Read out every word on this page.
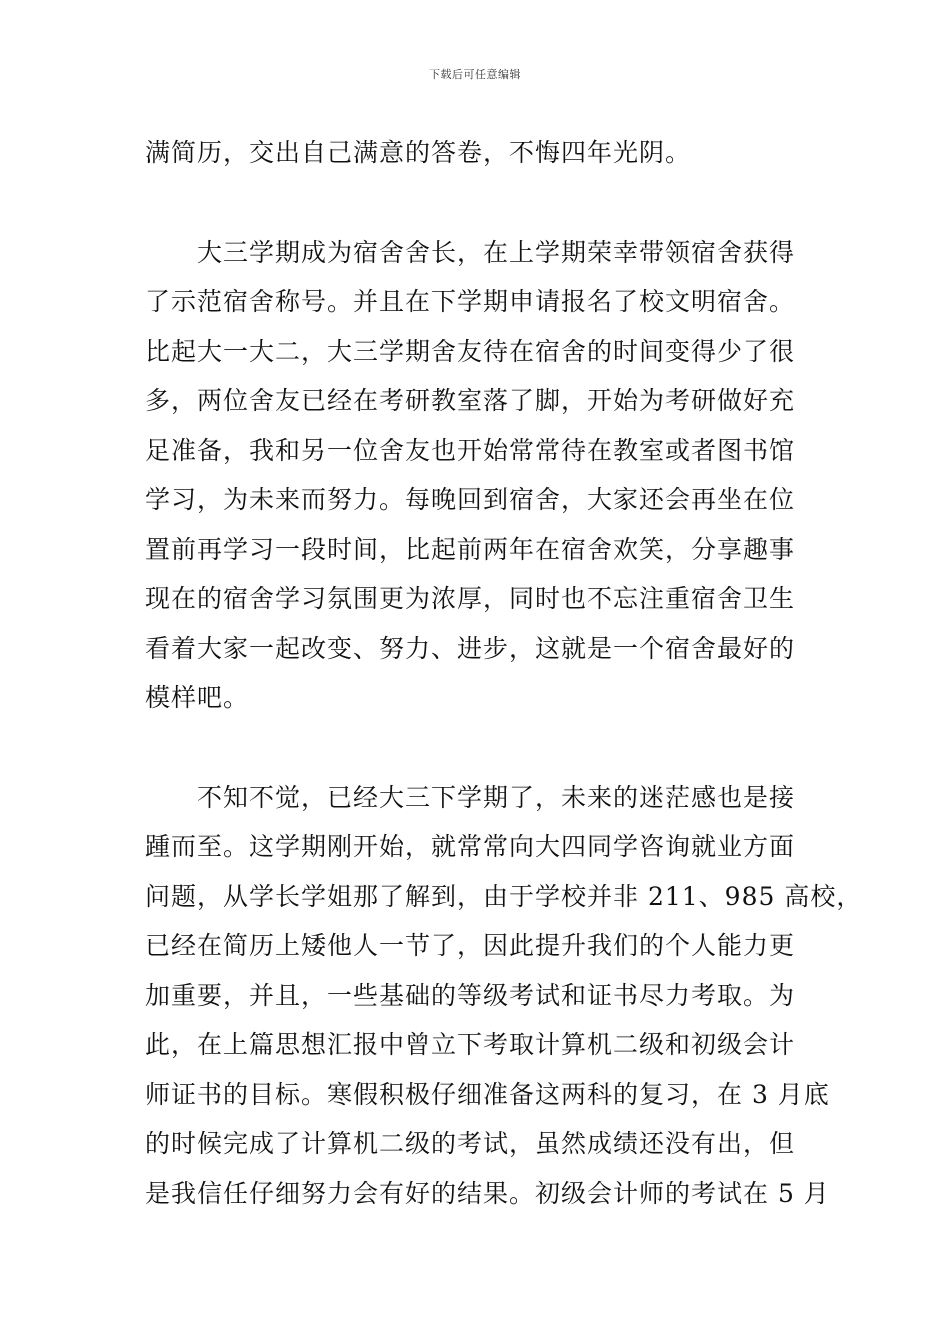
下载后可任意编辑
满简历，交出自己满意的答卷，不悔四年光阴。
大三学期成为宿舍舍长，在上学期荣幸带领宿舍获得
了示范宿舍称号。并且在下学期申请报名了校文明宿舍。
比起大一大二，大三学期舍友待在宿舍的时间变得少了很
多，两位舍友已经在考研教室落了脚，开始为考研做好充
足准备，我和另一位舍友也开始常常待在教室或者图书馆
学习，为未来而努力。每晚回到宿舍，大家还会再坐在位
置前再学习一段时间，比起前两年在宿舍欢笑，分享趣事
现在的宿舍学习氛围更为浓厚，同时也不忘注重宿舍卫生
看着大家一起改变、努力、进步，这就是一个宿舍最好的
模样吧。
不知不觉，已经大三下学期了，未来的迷茫感也是接
踵而至。这学期刚开始，就常常向大四同学咨询就业方面
问题，从学长学姐那了解到，由于学校并非 211、985 高校，
已经在简历上矮他人一节了，因此提升我们的个人能力更
加重要，并且，一些基础的等级考试和证书尽力考取。为
此，在上篇思想汇报中曾立下考取计算机二级和初级会计
师证书的目标。寒假积极仔细准备这两科的复习，在 3 月底
的时候完成了计算机二级的考试，虽然成绩还没有出，但
是我信任仔细努力会有好的结果。初级会计师的考试在 5 月
